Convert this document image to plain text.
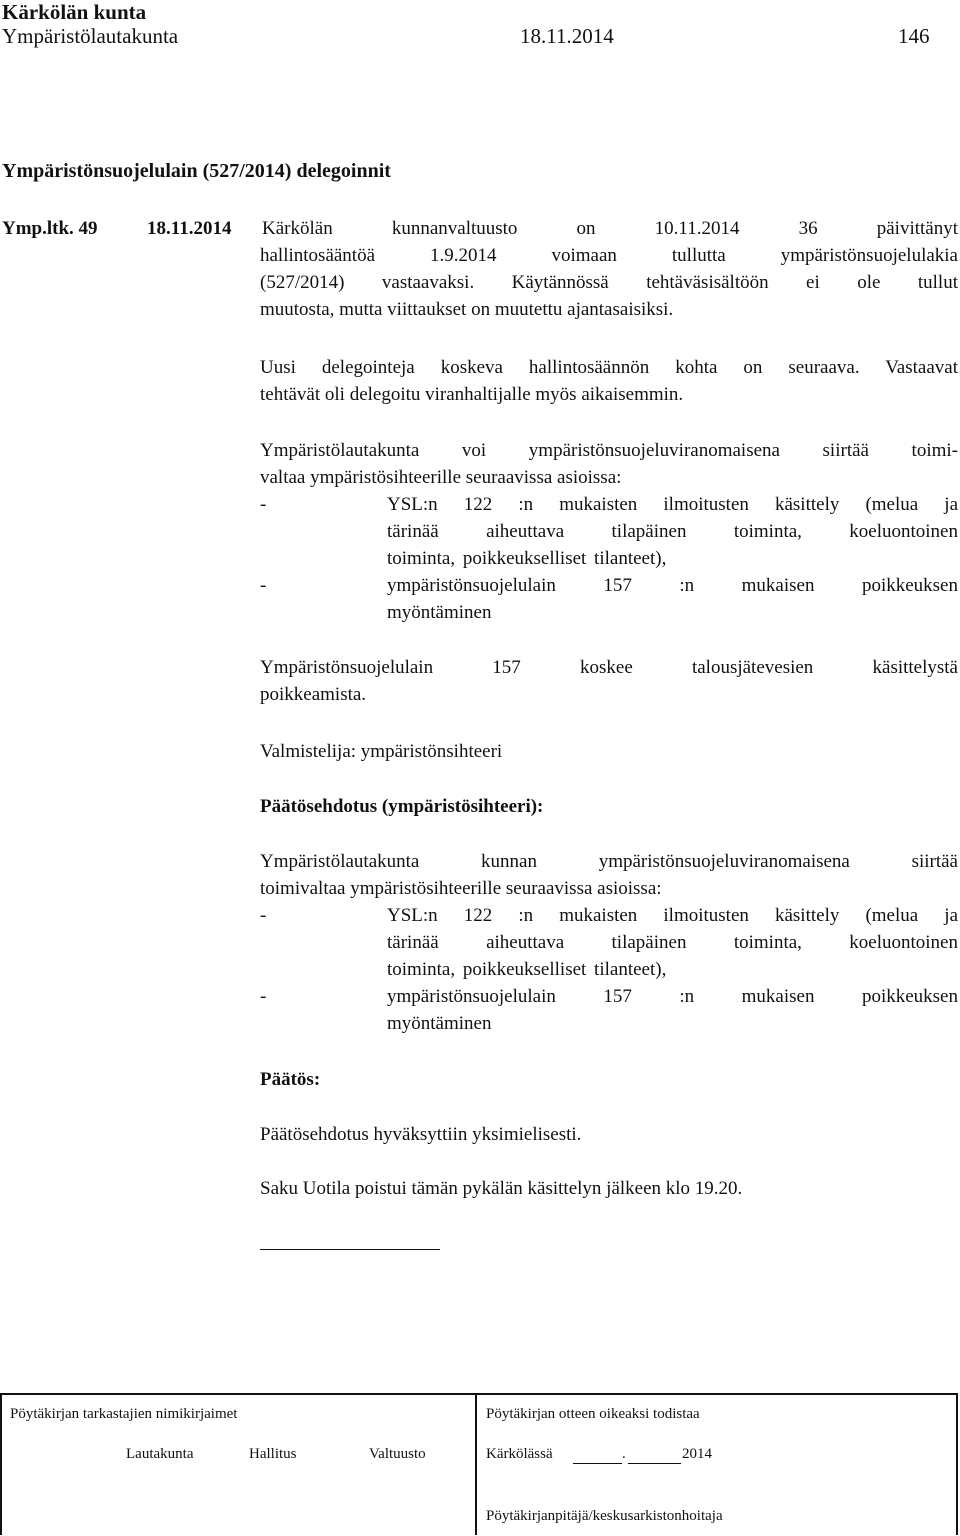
Kärkölän kunta
Ympäristölautakunta	18.11.2014	146
Ympäristönsuojelulain (527/2014) delegoinnit
Ymp.ltk. 49	18.11.2014 Kärkölän kunnanvaltuusto on 10.11.2014 36 päivittänyt
hallintosääntöä 1.9.2014 voimaan tullutta ympäristönsuojelulakia
(527/2014) vastaavaksi. Käytännössä tehtäväsisältöön ei ole tullut
muutosta, mutta viittaukset on muutettu ajantasaisiksi.
Uusi delegointeja koskeva hallintosäännön kohta on seuraava. Vastaavat
tehtävät oli delegoitu viranhaltijalle myös aikaisemmin.
Ympäristölautakunta voi ympäristönsuojeluviranomaisena siirtää toimi-
valtaa ympäristösihteerille seuraavissa asioissa:
-	YSL:n 122 :n mukaisten ilmoitusten käsittely (melua ja
tärinää aiheuttava tilapäinen toiminta, koeluontoinen
toiminta, poikkeukselliset tilanteet),
-	ympäristönsuojelulain 157 :n mukaisen poikkeuksen
myöntäminen
Ympäristönsuojelulain 157 koskee talousjätevesien käsittelystä
poikkeamista.
Valmistelija: ympäristönsihteeri
Päätösehdotus (ympäristösihteeri):
Ympäristölautakunta kunnan ympäristönsuojeluviranomaisena siirtää
toimivaltaa ympäristösihteerille seuraavissa asioissa:
-	YSL:n 122 :n mukaisten ilmoitusten käsittely (melua ja
tärinää aiheuttava tilapäinen toiminta, koeluontoinen
toiminta, poikkeukselliset tilanteet),
-	ympäristönsuojelulain 157 :n mukaisen poikkeuksen
myöntäminen
Päätös:
Päätösehdotus hyväksyttiin yksimielisesti.
Saku Uotila poistui tämän pykälän käsittelyn jälkeen klo 19.20.
Pöytäkirjan tarkastajien nimikirjaimet
Lautakunta	Hallitus	Valtuusto
Pöytäkirjan otteen oikeaksi todistaa
Kärkölässä	.	2014
Pöytäkirjanpitäjä/keskusarkistonhoitaja
